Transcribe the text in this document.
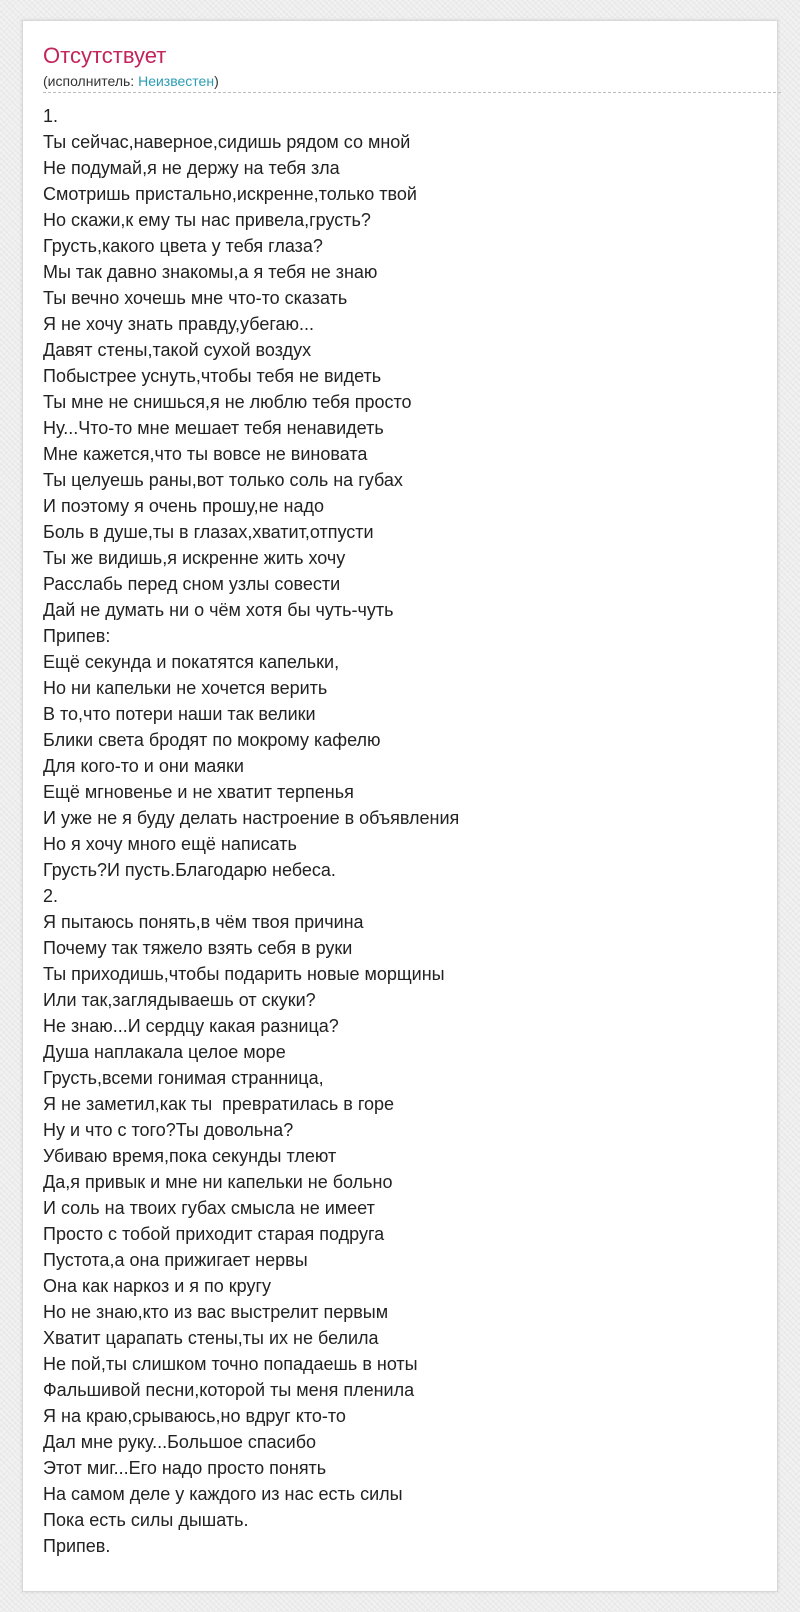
Отсутствует
(исполнитель: Неизвестен)
1.
Ты сейчас,наверное,сидишь рядом со мной
Не подумай,я не держу на тебя зла
Смотришь пристально,искренне,только твой
Но скажи,к ему ты нас привела,грусть?
Грусть,какого цвета у тебя глаза?
Мы так давно знакомы,а я тебя не знаю
Ты вечно хочешь мне что-то сказать
Я не хочу знать правду,убегаю...
Давят стены,такой сухой воздух
Побыстрее уснуть,чтобы тебя не видеть
Ты мне не снишься,я не люблю тебя просто
Ну...Что-то мне мешает тебя ненавидеть
Мне кажется,что ты вовсе не виновата
Ты целуешь раны,вот только соль на губах
И поэтому я очень прошу,не надо
Боль в душе,ты в глазах,хватит,отпусти
Ты же видишь,я искренне жить хочу
Расслабь перед сном узлы совести
Дай не думать ни о чём хотя бы чуть-чуть
Припев:
Ещё секунда и покатятся капельки,
Но ни капельки не хочется верить
В то,что потери наши так велики
Блики света бродят по мокрому кафелю
Для кого-то и они маяки
Ещё мгновенье и не хватит терпенья
И уже не я буду делать настроение в объявления
Но я хочу много ещё написать
Грусть?И пусть.Благодарю небеса.
2.
Я пытаюсь понять,в чём твоя причина
Почему так тяжело взять себя в руки
Ты приходишь,чтобы подарить новые морщины
Или так,заглядываешь от скуки?
Не знаю...И сердцу какая разница?
Душа наплакала целое море
Грусть,всеми гонимая странница,
Я не заметил,как ты  превратилась в горе
Ну и что с того?Ты довольна?
Убиваю время,пока секунды тлеют
Да,я привык и мне ни капельки не больно
И соль на твоих губах смысла не имеет
Просто с тобой приходит старая подруга
Пустота,а она прижигает нервы
Она как наркоз и я по кругу
Но не знаю,кто из вас выстрелит первым
Хватит царапать стены,ты их не белила
Не пой,ты слишком точно попадаешь в ноты
Фальшивой песни,которой ты меня пленила
Я на краю,срываюсь,но вдруг кто-то
Дал мне руку...Большое спасибо
Этот миг...Его надо просто понять
На самом деле у каждого из нас есть силы
Пока есть силы дышать.
Припев.
